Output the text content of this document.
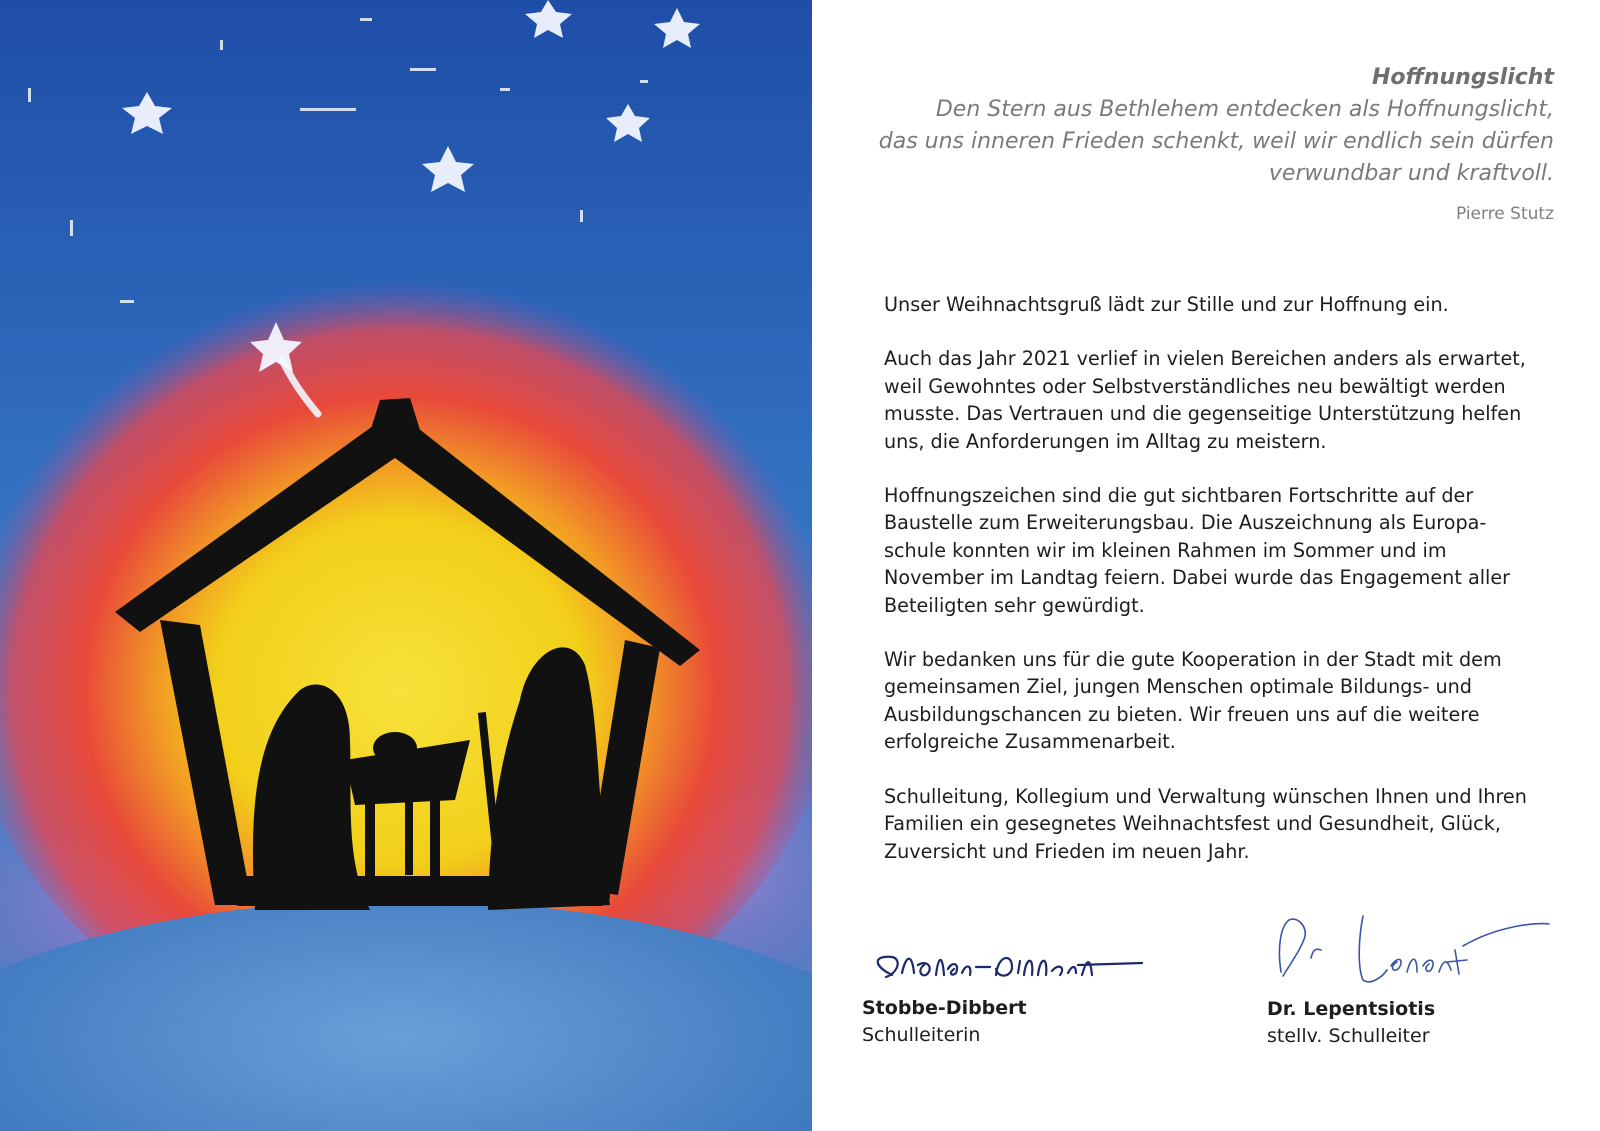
Hoffnungslicht
Den Stern aus Bethlehem entdecken als Hoffnungslicht,
das uns inneren Frieden schenkt, weil wir endlich sein dürfen
verwundbar und kraftvoll.
Pierre Stutz

Unser Weihnachtsgruß lädt zur Stille und zur Hoffnung ein.

Auch das Jahr 2021 verlief in vielen Bereichen anders als erwartet, weil Gewohntes oder Selbstverständliches neu bewältigt werden musste. Das Vertrauen und die gegenseitige Unterstützung helfen uns, die Anforderungen im Alltag zu meistern.

Hoffnungszeichen sind die gut sichtbaren Fortschritte auf der Baustelle zum Erweiterungsbau. Die Auszeichnung als Europa-schule konnten wir im kleinen Rahmen im Sommer und im November im Landtag feiern. Dabei wurde das Engagement aller Beteiligten sehr gewürdigt.

Wir bedanken uns für die gute Kooperation in der Stadt mit dem gemeinsamen Ziel, jungen Menschen optimale Bildungs- und Ausbildungschancen zu bieten. Wir freuen uns auf die weitere erfolgreiche Zusammenarbeit.

Schulleitung, Kollegium und Verwaltung wünschen Ihnen und Ihren Familien ein gesegnetes Weihnachtsfest und Gesundheit, Glück, Zuversicht und Frieden im neuen Jahr.

Stobbe-Dibbert
Schulleiterin
Dr. Lepentsiotis
stellv. Schulleiter
